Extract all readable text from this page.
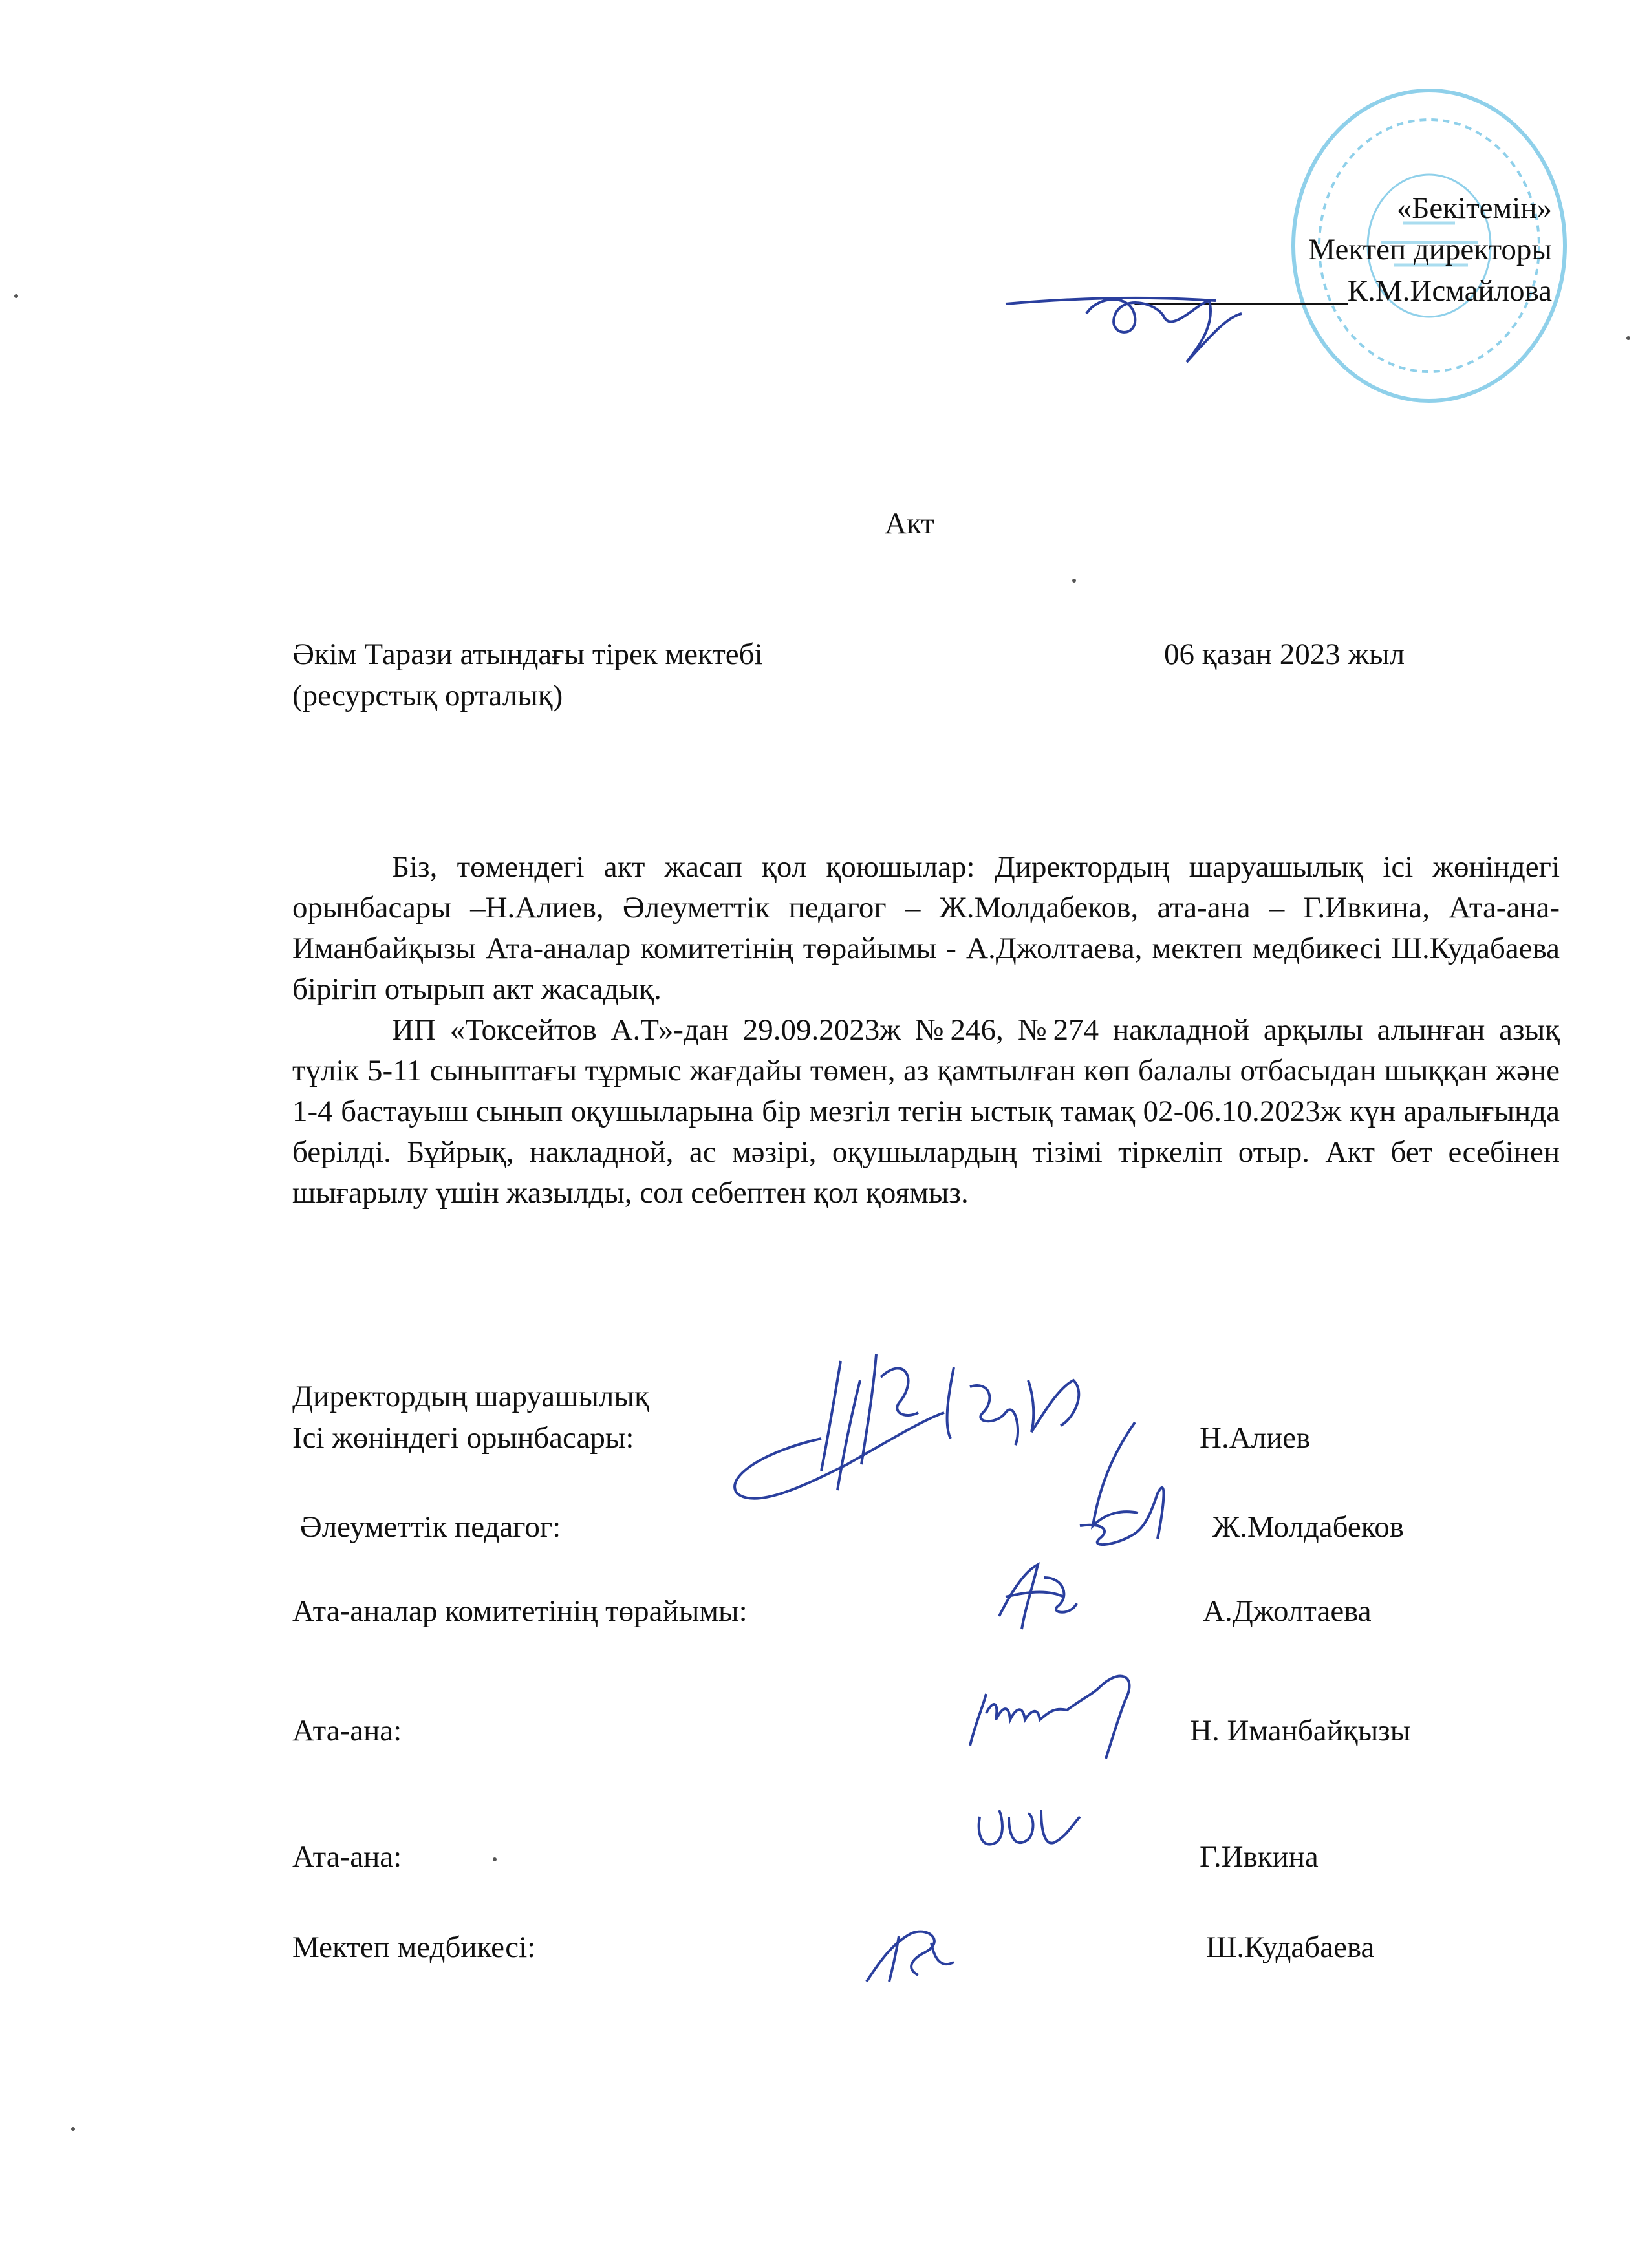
«Бекітемін»
Мектеп директоры
______________К.М.Исмайлова
Акт
Әкім Тарази атындағы тірек мектебі
(ресурстық орталық)
06 қазан 2023 жыл

Біз, төмендегі акт жасап қол қоюшылар: Директордың шаруашылық ісі жөніндегі орынбасары –Н.Алиев, Әлеуметтік педагог – Ж.Молдабеков, ата-ана – Г.Ивкина, Ата-ана- Иманбайқызы Ата-аналар комитетінің төрайымы - А.Джолтаева, мектеп медбикесі Ш.Кудабаева бірігіп отырып акт жасадық.

ИП «Токсейтов А.Т»-дан 29.09.2023ж №246, №274 накладной арқылы алынған азық түлік 5-11 сыныптағы тұрмыс жағдайы төмен, аз қамтылған көп балалы отбасыдан шыққан және 1-4 бастауыш сынып оқушыларына бір мезгіл тегін ыстық тамақ 02-06.10.2023ж күн аралығында берілді. Бұйрық, накладной, ас мәзірі, оқушылардың тізімі тіркеліп отыр. Акт бет есебінен шығарылу үшін жазылды, сол себептен қол қоямыз.

Директордың шаруашылық
Ісі жөніндегі орынбасары:	Н.Алиев
Әлеуметтік педагог:	Ж.Молдабеков
Ата-аналар комитетінің төрайымы:	А.Джолтаева
Ата-ана:	Н. Иманбайқызы
Ата-ана:	Г.Ивкина
Мектеп медбикесі:	Ш.Кудабаева
